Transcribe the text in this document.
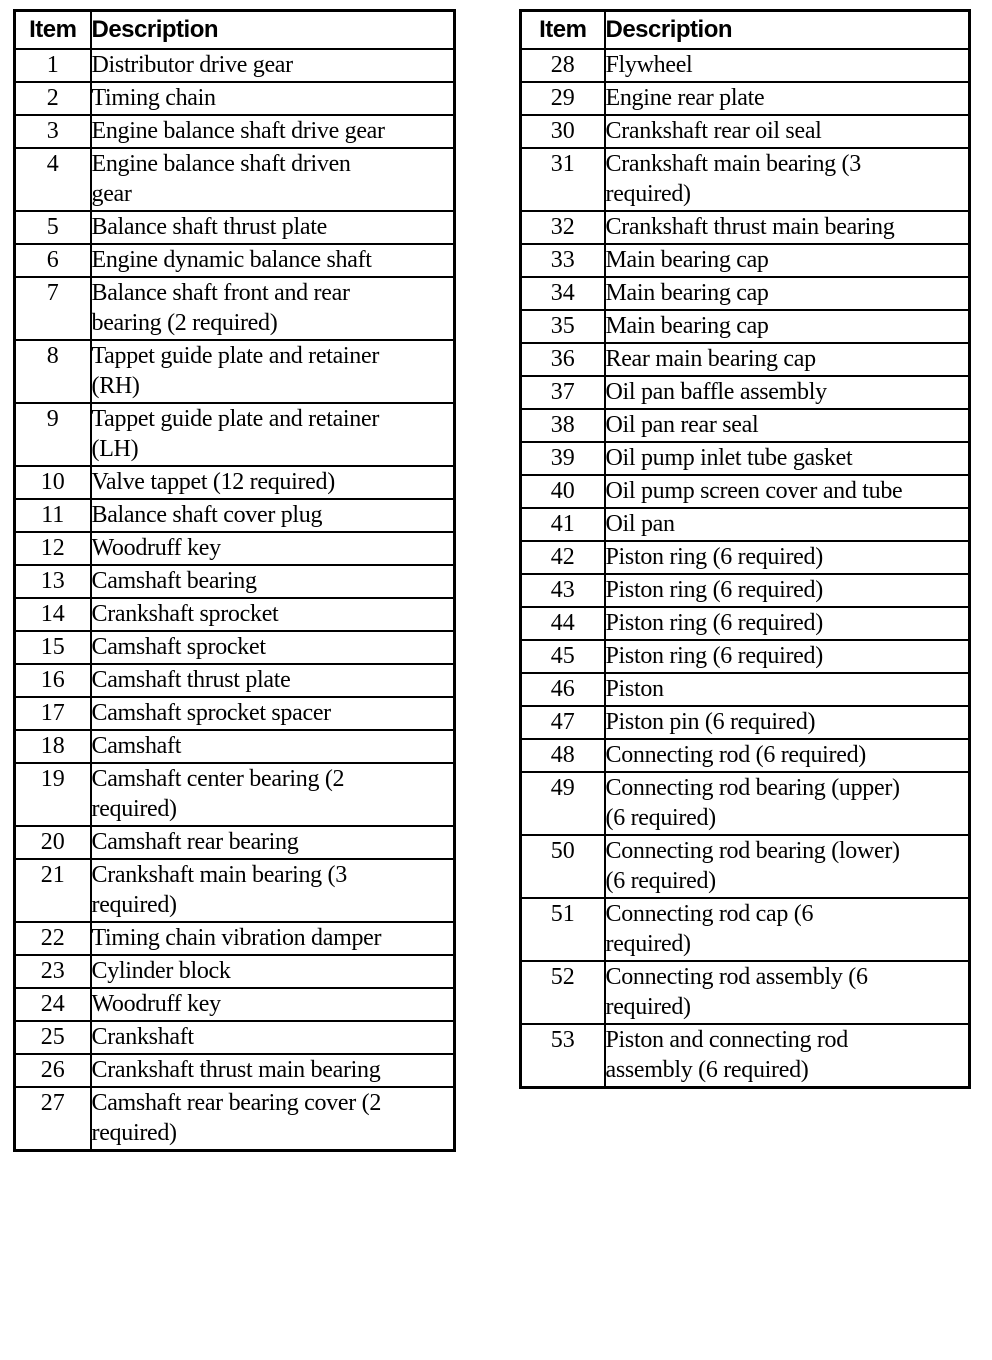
Item	Description
1	Distributor drive gear
2	Timing chain
3	Engine balance shaft drive gear
4	Engine balance shaft driven
gear
5	Balance shaft thrust plate
6	Engine dynamic balance shaft
7	Balance shaft front and rear
bearing (2 required)
8	Tappet guide plate and retainer
(RH)
9	Tappet guide plate and retainer
(LH)
10	Valve tappet (12 required)
11	Balance shaft cover plug
12	Woodruff key
13	Camshaft bearing
14	Crankshaft sprocket
15	Camshaft sprocket
16	Camshaft thrust plate
17	Camshaft sprocket spacer
18	Camshaft
19	Camshaft center bearing (2
required)
20	Camshaft rear bearing
21	Crankshaft main bearing (3
required)
22	Timing chain vibration damper
23	Cylinder block
24	Woodruff key
25	Crankshaft
26	Crankshaft thrust main bearing
27	Camshaft rear bearing cover (2
required)
Item	Description
28	Flywheel
29	Engine rear plate
30	Crankshaft rear oil seal
31	Crankshaft main bearing (3
required)
32	Crankshaft thrust main bearing
33	Main bearing cap
34	Main bearing cap
35	Main bearing cap
36	Rear main bearing cap
37	Oil pan baffle assembly
38	Oil pan rear seal
39	Oil pump inlet tube gasket
40	Oil pump screen cover and tube
41	Oil pan
42	Piston ring (6 required)
43	Piston ring (6 required)
44	Piston ring (6 required)
45	Piston ring (6 required)
46	Piston
47	Piston pin (6 required)
48	Connecting rod (6 required)
49	Connecting rod bearing (upper)
(6 required)
50	Connecting rod bearing (lower)
(6 required)
51	Connecting rod cap (6
required)
52	Connecting rod assembly (6
required)
53	Piston and connecting rod
assembly (6 required)
